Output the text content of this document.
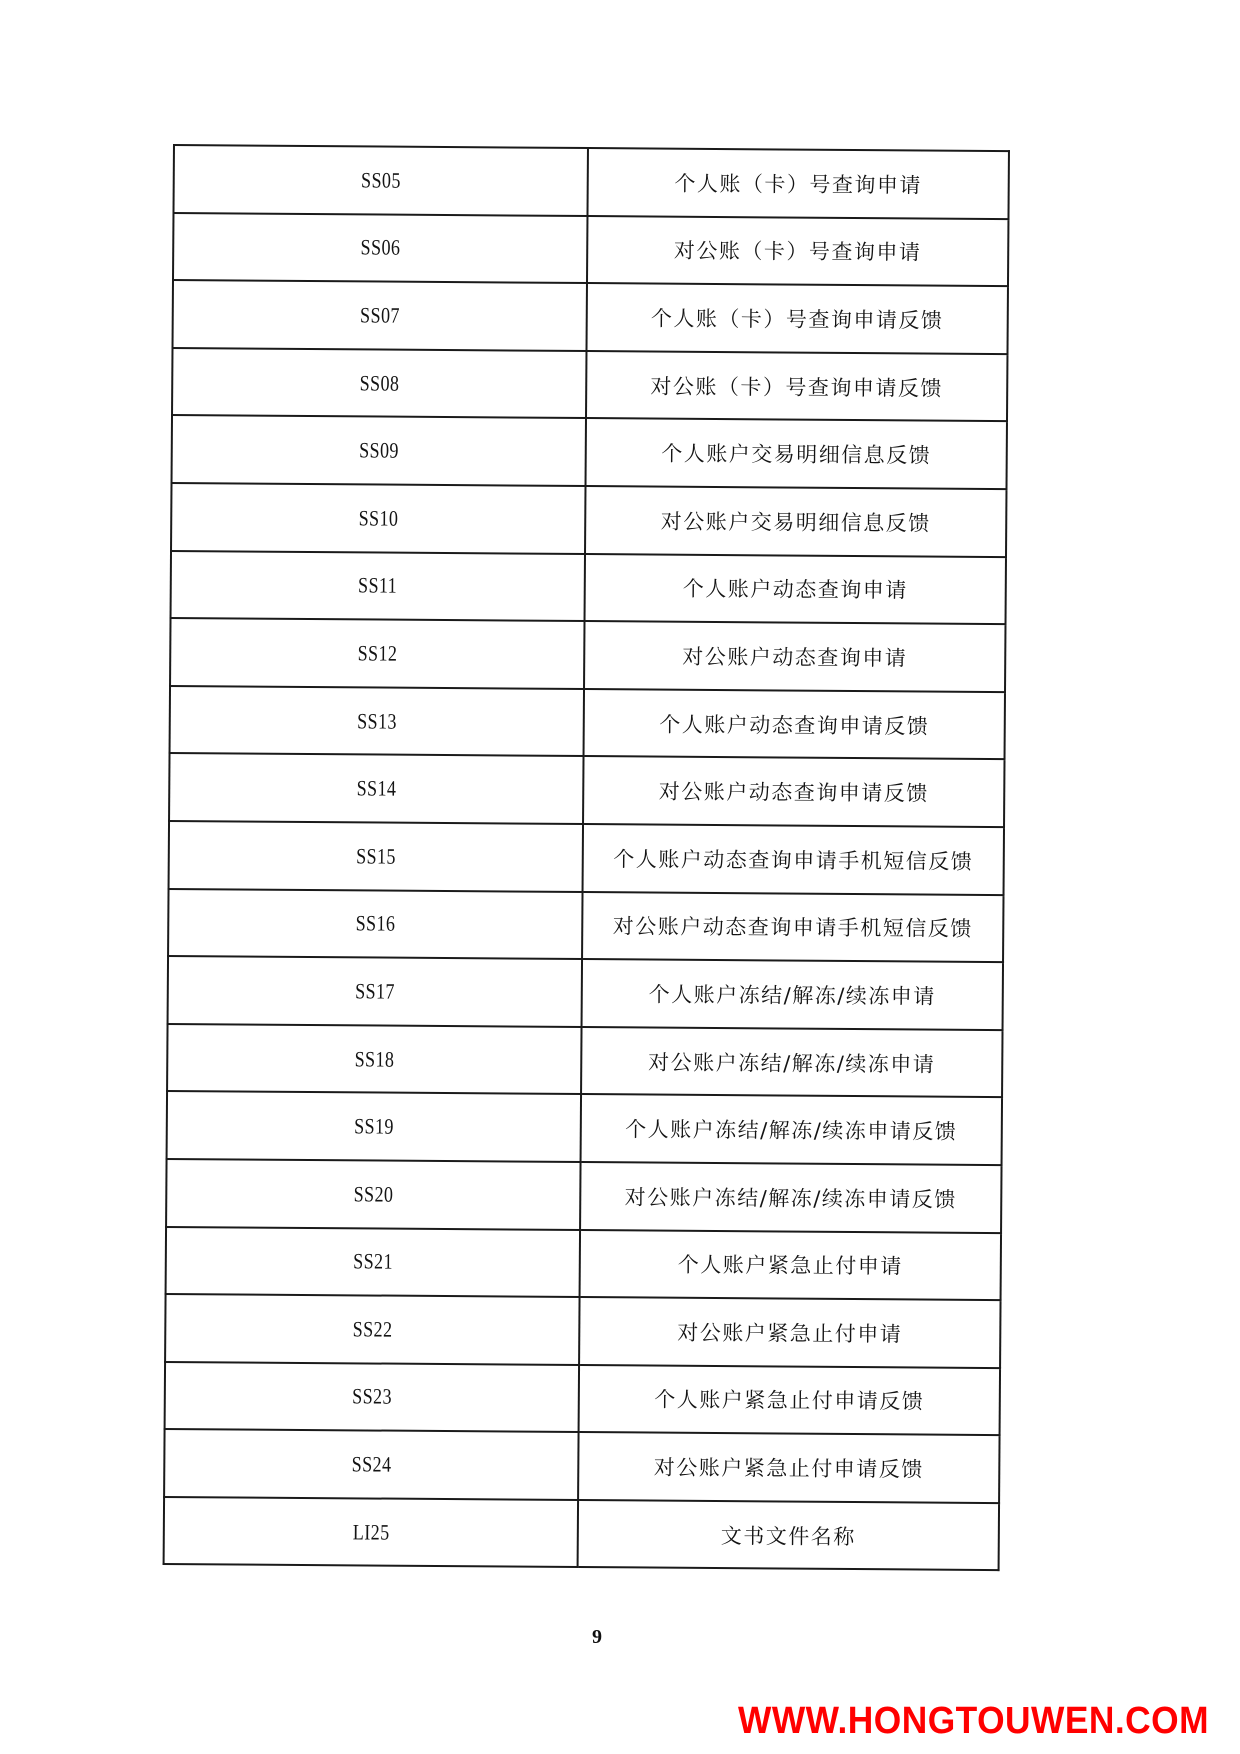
SS05	个人账（卡）号查询申请
SS06	对公账（卡）号查询申请
SS07	个人账（卡）号查询申请反馈
SS08	对公账（卡）号查询申请反馈
SS09	个人账户交易明细信息反馈
SS10	对公账户交易明细信息反馈
SS11	个人账户动态查询申请
SS12	对公账户动态查询申请
SS13	个人账户动态查询申请反馈
SS14	对公账户动态查询申请反馈
SS15	个人账户动态查询申请手机短信反馈
SS16	对公账户动态查询申请手机短信反馈
SS17	个人账户冻结/解冻/续冻申请
SS18	对公账户冻结/解冻/续冻申请
SS19	个人账户冻结/解冻/续冻申请反馈
SS20	对公账户冻结/解冻/续冻申请反馈
SS21	个人账户紧急止付申请
SS22	对公账户紧急止付申请
SS23	个人账户紧急止付申请反馈
SS24	对公账户紧急止付申请反馈
LI25	文书文件名称
9
WWW.HONGTOUWEN.COM
